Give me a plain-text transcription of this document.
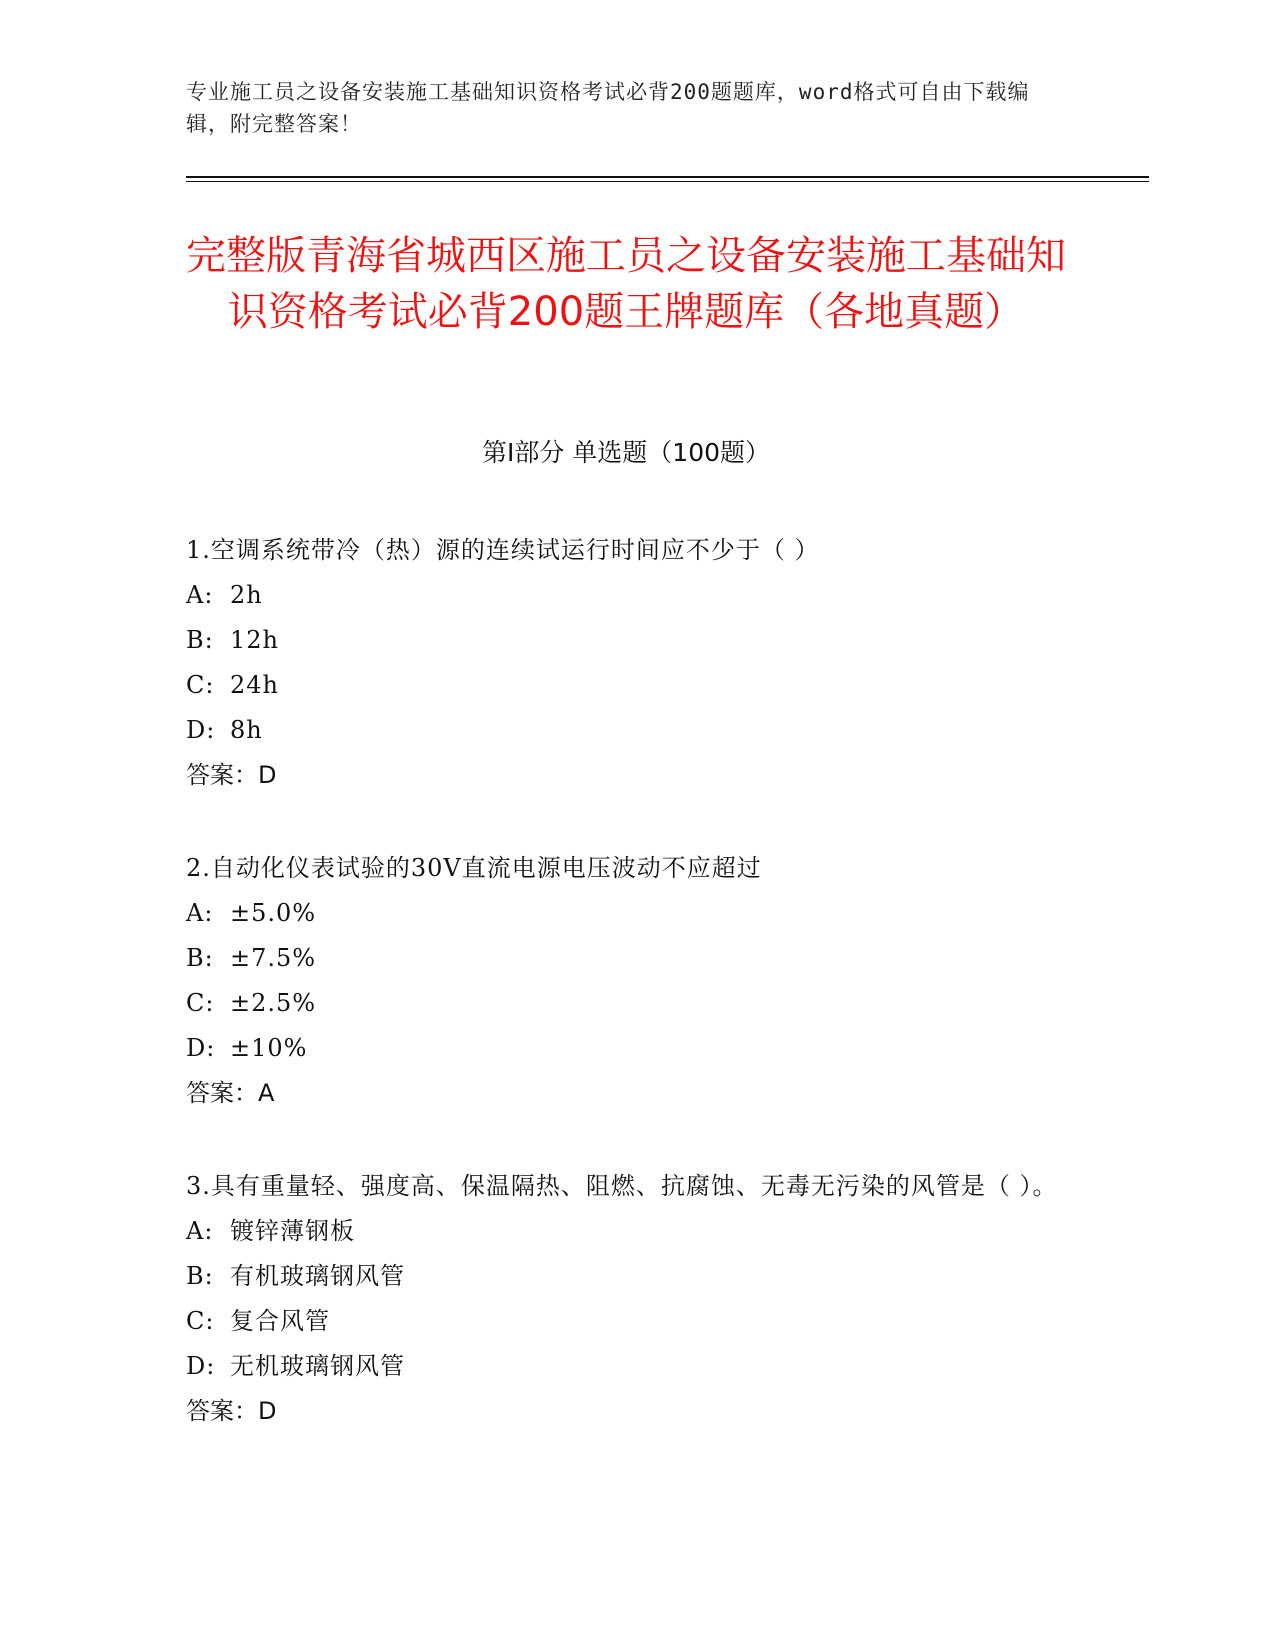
专业施工员之设备安装施工基础知识资格考试必背200题题库，word格式可自由下载编辑，附完整答案！
完整版青海省城西区施工员之设备安装施工基础知识资格考试必背200题王牌题库（各地真题）
第Ⅰ部分 单选题（100题）
1.空调系统带冷（热）源的连续试运行时间应不少于（ ）
A: 2h
B: 12h
C: 24h
D: 8h
答案：D
2.自动化仪表试验的30V直流电源电压波动不应超过
A: ±5.0%
B: ±7.5%
C: ±2.5%
D: ±10%
答案：A
3.具有重量轻、强度高、保温隔热、阻燃、抗腐蚀、无毒无污染的风管是（ ）。
A: 镀锌薄钢板
B: 有机玻璃钢风管
C: 复合风管
D: 无机玻璃钢风管
答案：D
